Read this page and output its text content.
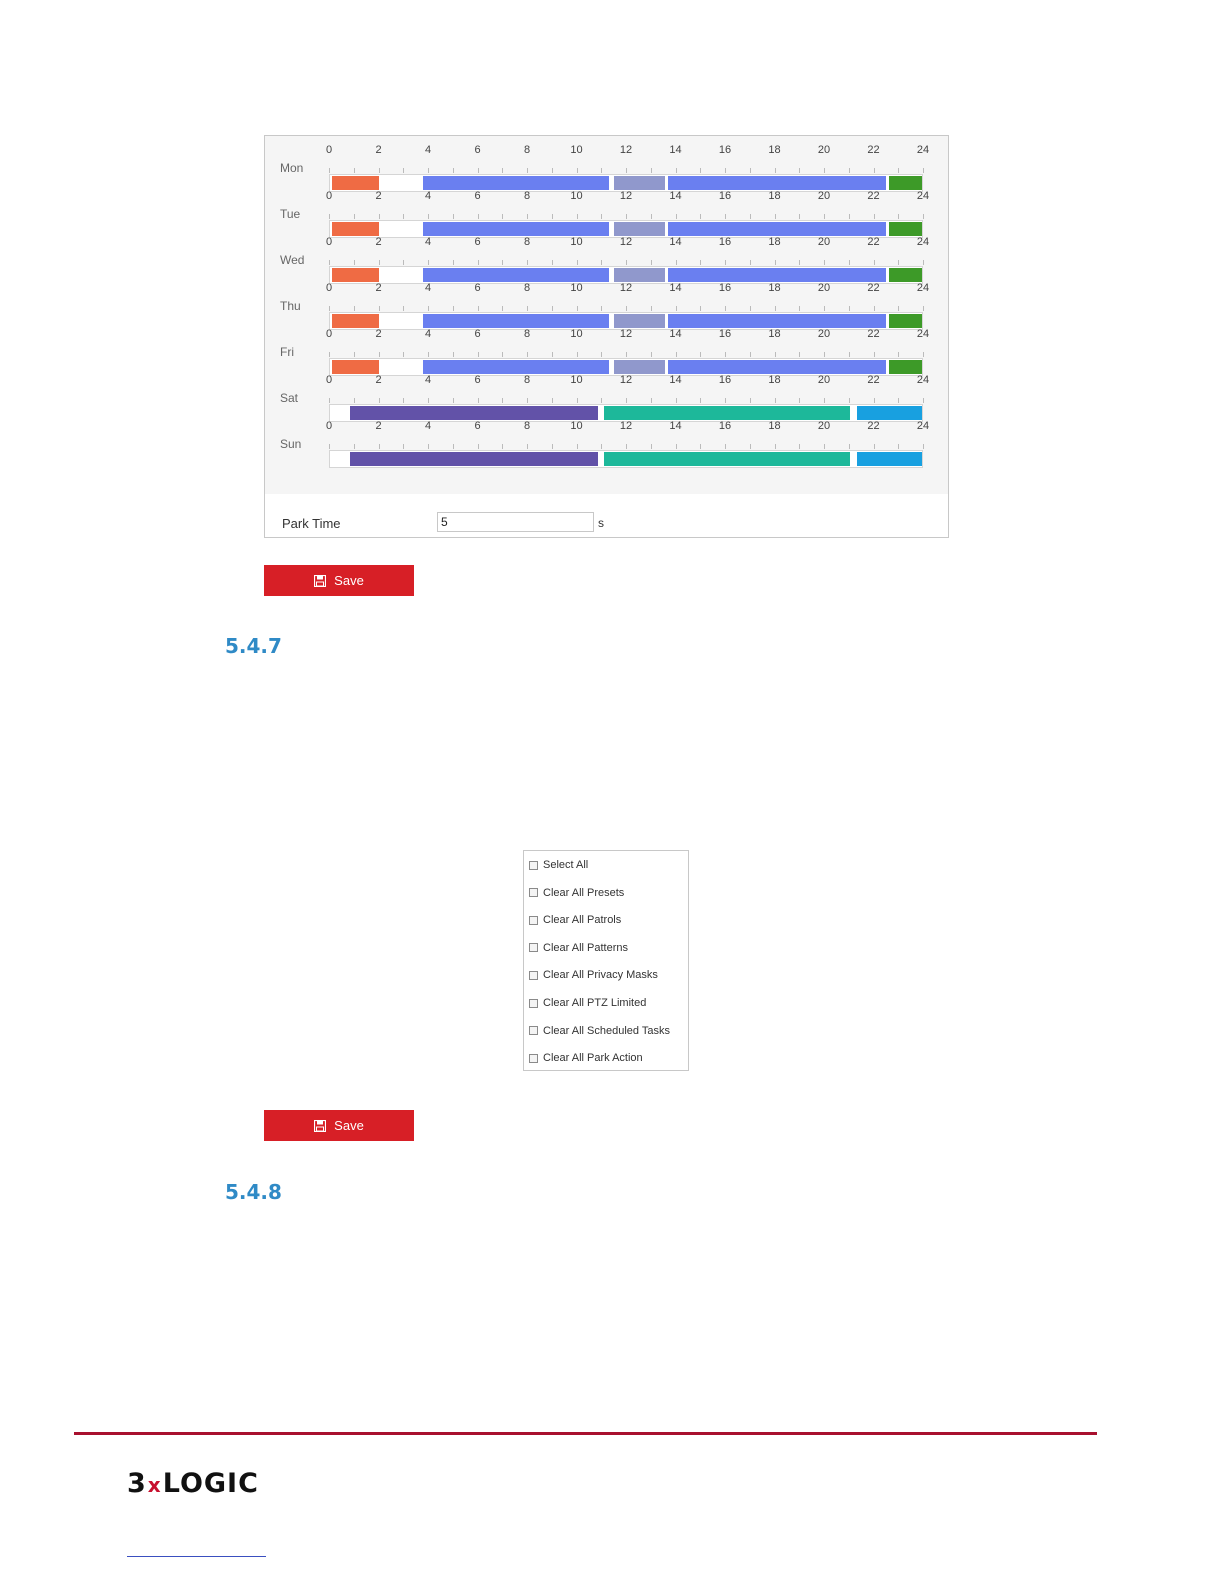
Mon
0	2	4	6	8	10	12	14	16	18	20	22	24
Tue
0	2	4	6	8	10	12	14	16	18	20	22	24
Wed
0	2	4	6	8	10	12	14	16	18	20	22	24
Thu
0	2	4	6	8	10	12	14	16	18	20	22	24
Fri
0	2	4	6	8	10	12	14	16	18	20	22	24
Sat
0	2	4	6	8	10	12	14	16	18	20	22	24
Sun
0	2	4	6	8	10	12	14	16	18	20	22	24
Park Time
5	s
Save
5.4.7
Select All
Clear All Presets
Clear All Patrols
Clear All Patterns
Clear All Privacy Masks
Clear All PTZ Limited
Clear All Scheduled Tasks
Clear All Park Action
Save
5.4.8
3 x LOGIC
